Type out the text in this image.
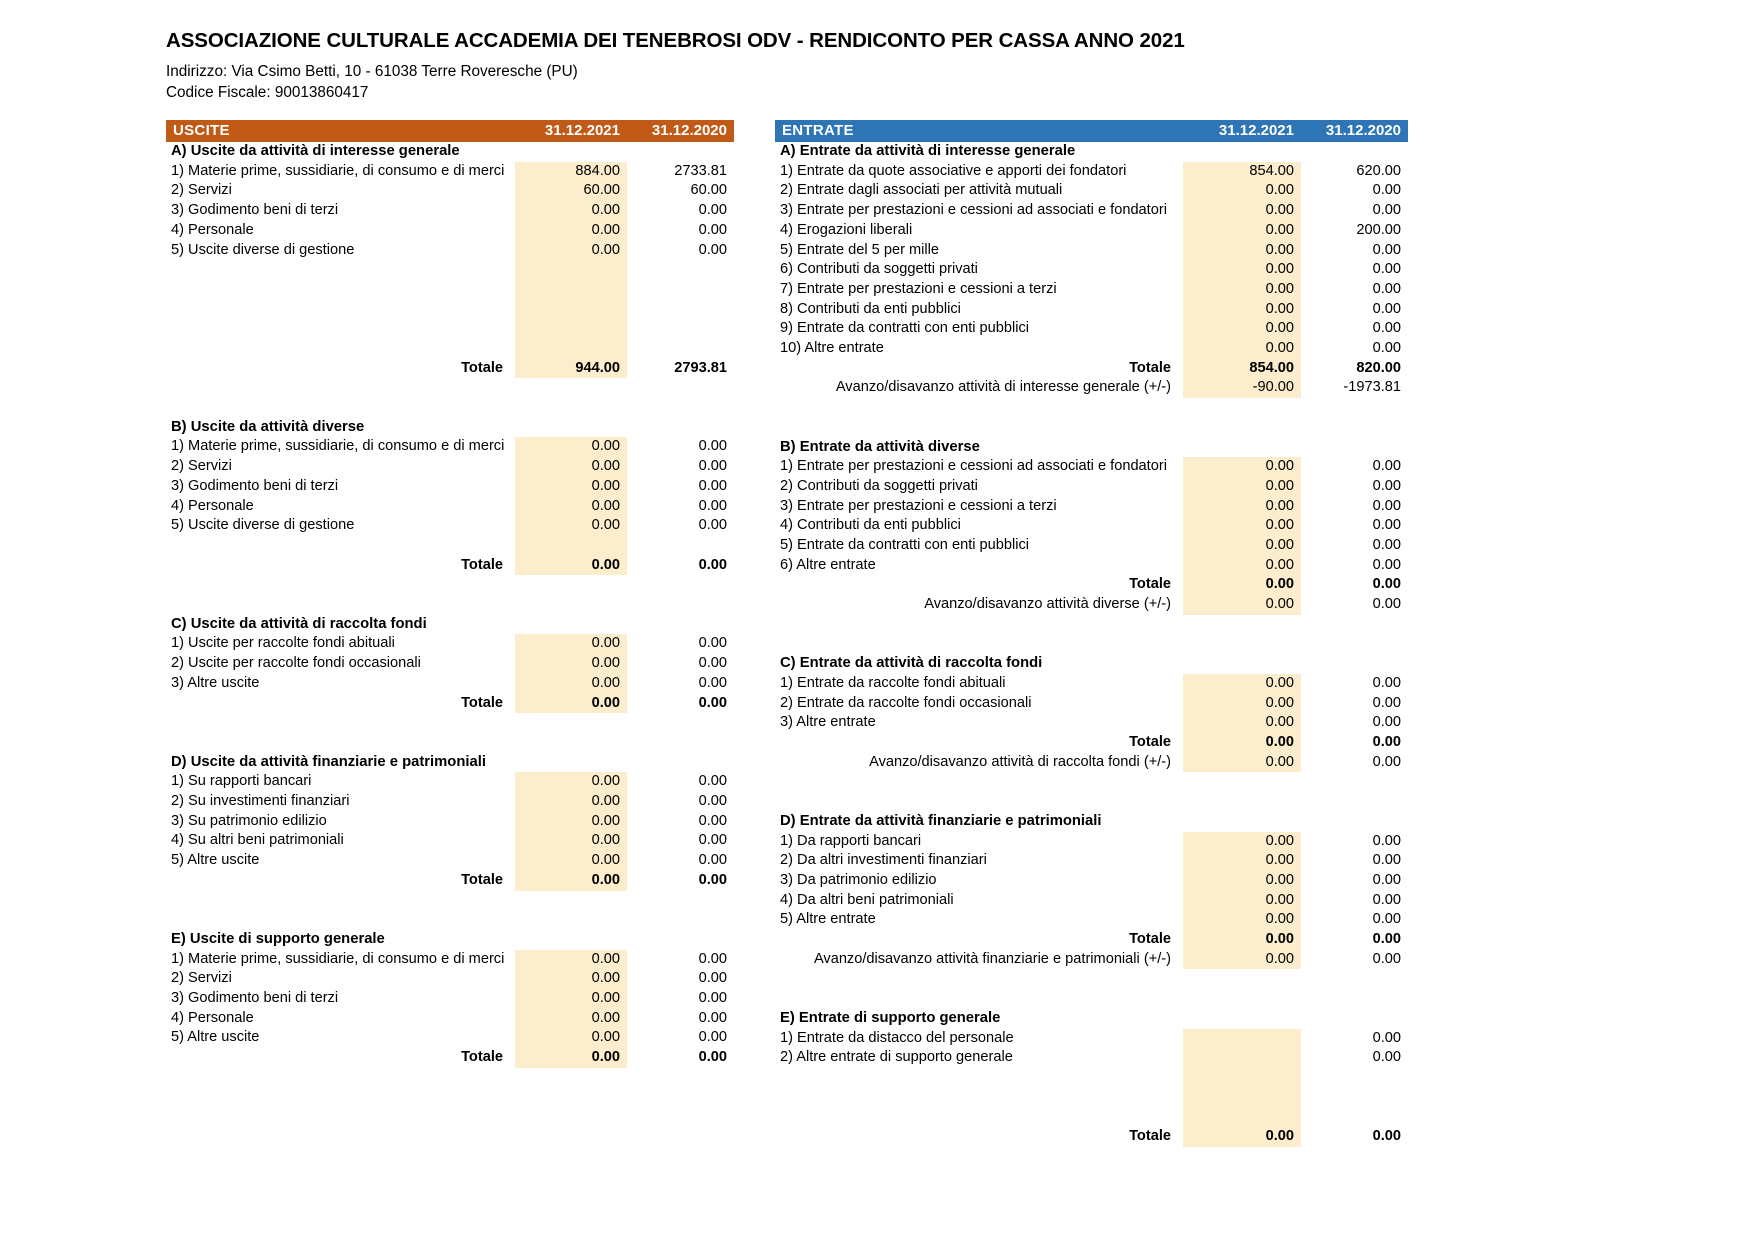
ASSOCIAZIONE CULTURALE ACCADEMIA DEI TENEBROSI ODV - RENDICONTO PER CASSA ANNO 2021
Indirizzo: Via Csimo Betti, 10 - 61038 Terre Roveresche (PU)
Codice Fiscale: 90013860417
USCITE	31.12.2021	31.12.2020
A) Uscite da attività di interesse generale		
1) Materie prime, sussidiarie, di consumo e di merci	884.00	2733.81
2) Servizi	60.00	60.00
3) Godimento beni di terzi	0.00	0.00
4) Personale	0.00	0.00
5) Uscite diverse di gestione	0.00	0.00

Totale	944.00	2793.81

B) Uscite da attività diverse		
1) Materie prime, sussidiarie, di consumo e di merci	0.00	0.00
2) Servizi	0.00	0.00
3) Godimento beni di terzi	0.00	0.00
4) Personale	0.00	0.00
5) Uscite diverse di gestione	0.00	0.00

Totale	0.00	0.00

C) Uscite da attività di raccolta fondi		
1) Uscite per raccolte fondi abituali	0.00	0.00
2) Uscite per raccolte fondi occasionali	0.00	0.00
3) Altre uscite	0.00	0.00
Totale	0.00	0.00

D) Uscite da attività finanziarie e patrimoniali		
1) Su rapporti bancari	0.00	0.00
2) Su investimenti finanziari	0.00	0.00
3) Su patrimonio edilizio	0.00	0.00
4) Su altri beni patrimoniali	0.00	0.00
5) Altre uscite	0.00	0.00
Totale	0.00	0.00

E) Uscite di supporto generale		
1) Materie prime, sussidiarie, di consumo e di merci	0.00	0.00
2) Servizi	0.00	0.00
3) Godimento beni di terzi	0.00	0.00
4) Personale	0.00	0.00
5) Altre uscite	0.00	0.00
Totale	0.00	0.00
ENTRATE	31.12.2021	31.12.2020
A) Entrate da attività di interesse generale		
1) Entrate da quote associative e apporti dei fondatori	854.00	620.00
2) Entrate dagli associati per attività mutuali	0.00	0.00
3) Entrate per prestazioni e cessioni ad associati e fondatori	0.00	0.00
4) Erogazioni liberali	0.00	200.00
5) Entrate del 5 per mille	0.00	0.00
6) Contributi da soggetti privati	0.00	0.00
7) Entrate per prestazioni e cessioni a terzi	0.00	0.00
8) Contributi da enti pubblici	0.00	0.00
9) Entrate da contratti con enti pubblici	0.00	0.00
10) Altre entrate	0.00	0.00
Totale	854.00	820.00
Avanzo/disavanzo attività di interesse generale (+/-)	-90.00	-1973.81

B) Entrate da attività diverse		
1) Entrate per prestazioni e cessioni ad associati e fondatori	0.00	0.00
2) Contributi da soggetti privati	0.00	0.00
3) Entrate per prestazioni e cessioni a terzi	0.00	0.00
4) Contributi da enti pubblici	0.00	0.00
5) Entrate da contratti con enti pubblici	0.00	0.00
6) Altre entrate	0.00	0.00
Totale	0.00	0.00
Avanzo/disavanzo attività diverse (+/-)	0.00	0.00

C) Entrate da attività di raccolta fondi		
1) Entrate da raccolte fondi abituali	0.00	0.00
2) Entrate da raccolte fondi occasionali	0.00	0.00
3) Altre entrate	0.00	0.00
Totale	0.00	0.00
Avanzo/disavanzo attività di raccolta fondi (+/-)	0.00	0.00

D) Entrate da attività finanziarie e patrimoniali		
1) Da rapporti bancari	0.00	0.00
2) Da altri investimenti finanziari	0.00	0.00
3) Da patrimonio edilizio	0.00	0.00
4) Da altri beni patrimoniali	0.00	0.00
5) Altre entrate	0.00	0.00
Totale	0.00	0.00
Avanzo/disavanzo attività finanziarie e patrimoniali (+/-)	0.00	0.00

E) Entrate di supporto generale		
1) Entrate da distacco del personale		0.00
2) Altre entrate di supporto generale		0.00

Totale	0.00	0.00
